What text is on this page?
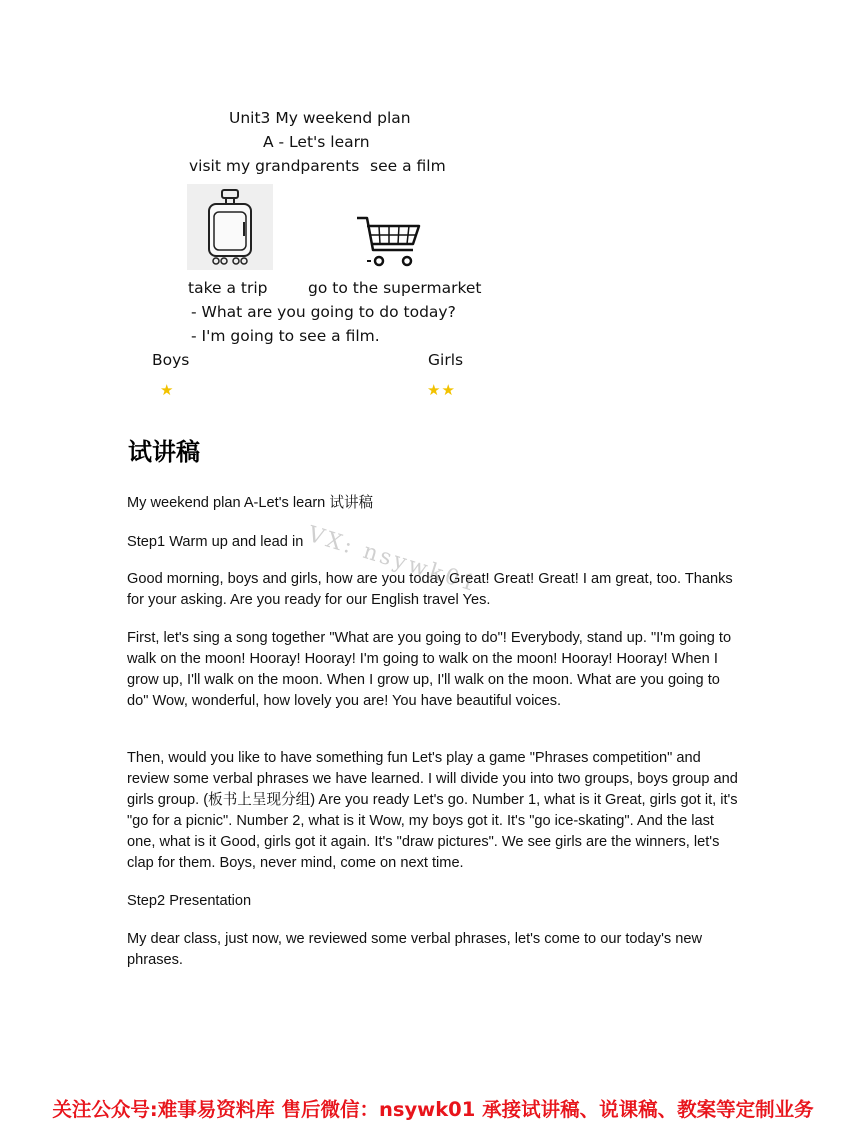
Unit3 My weekend plan
A - Let's learn
visit my grandparents see a film
take a trip	go to the supermarket
- What are you going to do today?
- I'm going to see a film.
Boys	Girls
★	★★
试讲稿
My weekend plan A-Let's learn 试讲稿
Step1 Warm up and lead in
Good morning, boys and girls, how are you today Great! Great! Great! I am great, too. Thanks for your asking. Are you ready for our English travel Yes.
First, let's sing a song together "What are you going to do"! Everybody, stand up. "I'm going to walk on the moon! Hooray! Hooray! I'm going to walk on the moon! Hooray! Hooray! When I grow up, I'll walk on the moon. When I grow up, I'll walk on the moon. What are you going to do" Wow, wonderful, how lovely you are! You have beautiful voices.
Then, would you like to have something fun Let's play a game "Phrases competition" and review some verbal phrases we have learned. I will divide you into two groups, boys group and girls group. (板书上呈现分组) Are you ready Let's go. Number 1, what is it Great, girls got it, it's "go for a picnic". Number 2, what is it Wow, my boys got it. It's "go ice-skating". And the last one, what is it Good, girls got it again. It's "draw pictures". We see girls are the winners, let's clap for them. Boys, never mind, come on next time.
Step2 Presentation
My dear class, just now, we reviewed some verbal phrases, let's come to our today's new phrases.
VX: nsywk01
关注公众号:难事易资料库 售后微信：nsywk01 承接试讲稿、说课稿、教案等定制业务
